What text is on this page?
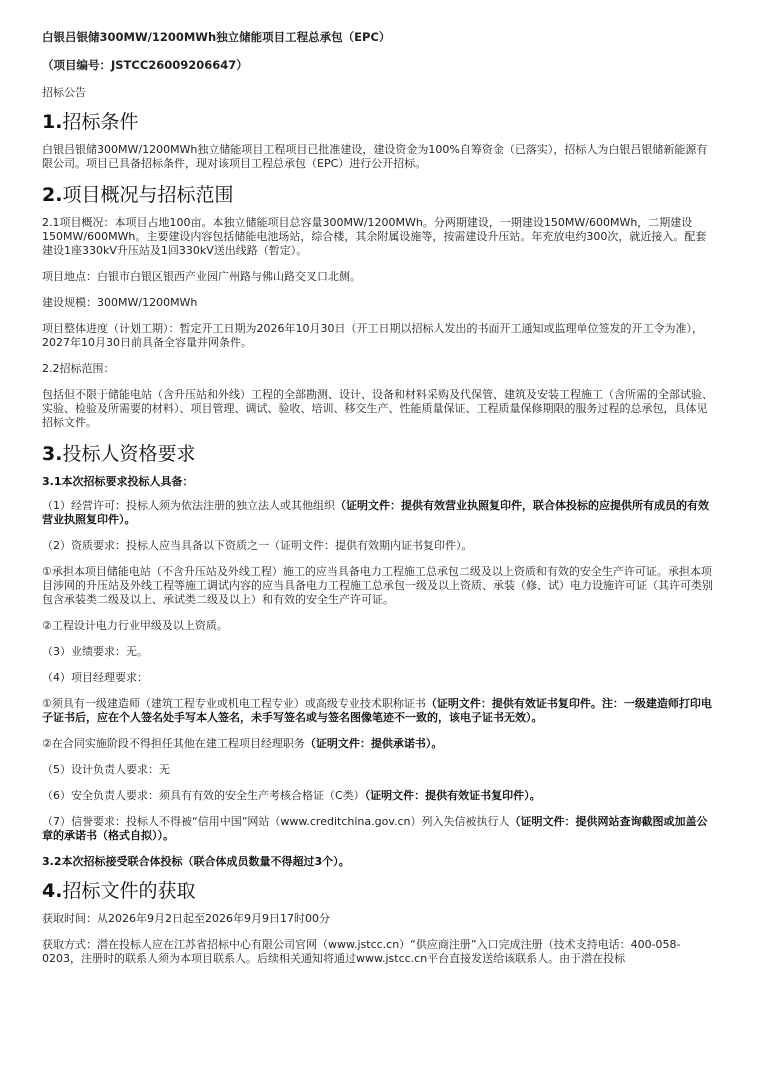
白银吕银储300MW/1200MWh独立储能项目工程总承包（EPC）
（项目编号：JSTCC26009206647）
招标公告
1.招标条件

白银吕银储300MW/1200MWh独立储能项目工程项目已批准建设，建设资金为100%自筹资金（已落实），招标人为白银吕银储新能源有限公司。项目已具备招标条件，现对该项目工程总承包（EPC）进行公开招标。

2.项目概况与招标范围

2.1项目概况：本项目占地100亩。本独立储能项目总容量300MW/1200MWh。分两期建设，一期建设150MW/600MWh，二期建设150MW/600MWh。主要建设内容包括储能电池场站，综合楼，其余附属设施等，按需建设升压站。年充放电约300次，就近接入。配套建设1座330kV升压站及1回330kV送出线路（暂定）。

项目地点：白银市白银区银西产业园广州路与佛山路交叉口北侧。

建设规模：300MW/1200MWh

项目整体进度（计划工期）：暂定开工日期为2026年10月30日（开工日期以招标人发出的书面开工通知或监理单位签发的开工令为准），2027年10月30日前具备全容量并网条件。

2.2招标范围：

包括但不限于储能电站（含升压站和外线）工程的全部勘测、设计、设备和材料采购及代保管、建筑及安装工程施工（含所需的全部试验、实验、检验及所需要的材料）、项目管理、调试、验收、培训、移交生产、性能质量保证、工程质量保修期限的服务过程的总承包，具体见招标文件。

3.投标人资格要求
3.1本次招标要求投标人具备：

（1）经营许可：投标人须为依法注册的独立法人或其他组织（证明文件：提供有效营业执照复印件，联合体投标的应提供所有成员的有效营业执照复印件）。

（2）资质要求：投标人应当具备以下资质之一（证明文件：提供有效期内证书复印件）。

①承担本项目储能电站（不含升压站及外线工程）施工的应当具备电力工程施工总承包二级及以上资质和有效的安全生产许可证。承担本项目涉网的升压站及外线工程等施工调试内容的应当具备电力工程施工总承包一级及以上资质、承装（修、试）电力设施许可证（其许可类别包含承装类二级及以上、承试类二级及以上）和有效的安全生产许可证。

②工程设计电力行业甲级及以上资质。

（3）业绩要求：无。

（4）项目经理要求：

①须具有一级建造师（建筑工程专业或机电工程专业）或高级专业技术职称证书（证明文件：提供有效证书复印件。注：一级建造师打印电子证书后，应在个人签名处手写本人签名，未手写签名或与签名图像笔迹不一致的，该电子证书无效）。

②在合同实施阶段不得担任其他在建工程项目经理职务（证明文件：提供承诺书）。

（5）设计负责人要求：无

（6）安全负责人要求：须具有有效的安全生产考核合格证（C类）（证明文件：提供有效证书复印件）。

（7）信誉要求：投标人不得被“信用中国”网站（www.creditchina.gov.cn）列入失信被执行人（证明文件：提供网站查询截图或加盖公章的承诺书（格式自拟））。

3.2本次招标接受联合体投标（联合体成员数量不得超过3个）。
4.招标文件的获取

获取时间：从2026年9月2日起至2026年9月9日17时00分

获取方式：潜在投标人应在江苏省招标中心有限公司官网（www.jstcc.cn）“供应商注册”入口完成注册（技术支持电话：400-058-0203，注册时的联系人须为本项目联系人。后续相关通知将通过www.jstcc.cn平台直接发送给该联系人。由于潜在投标
